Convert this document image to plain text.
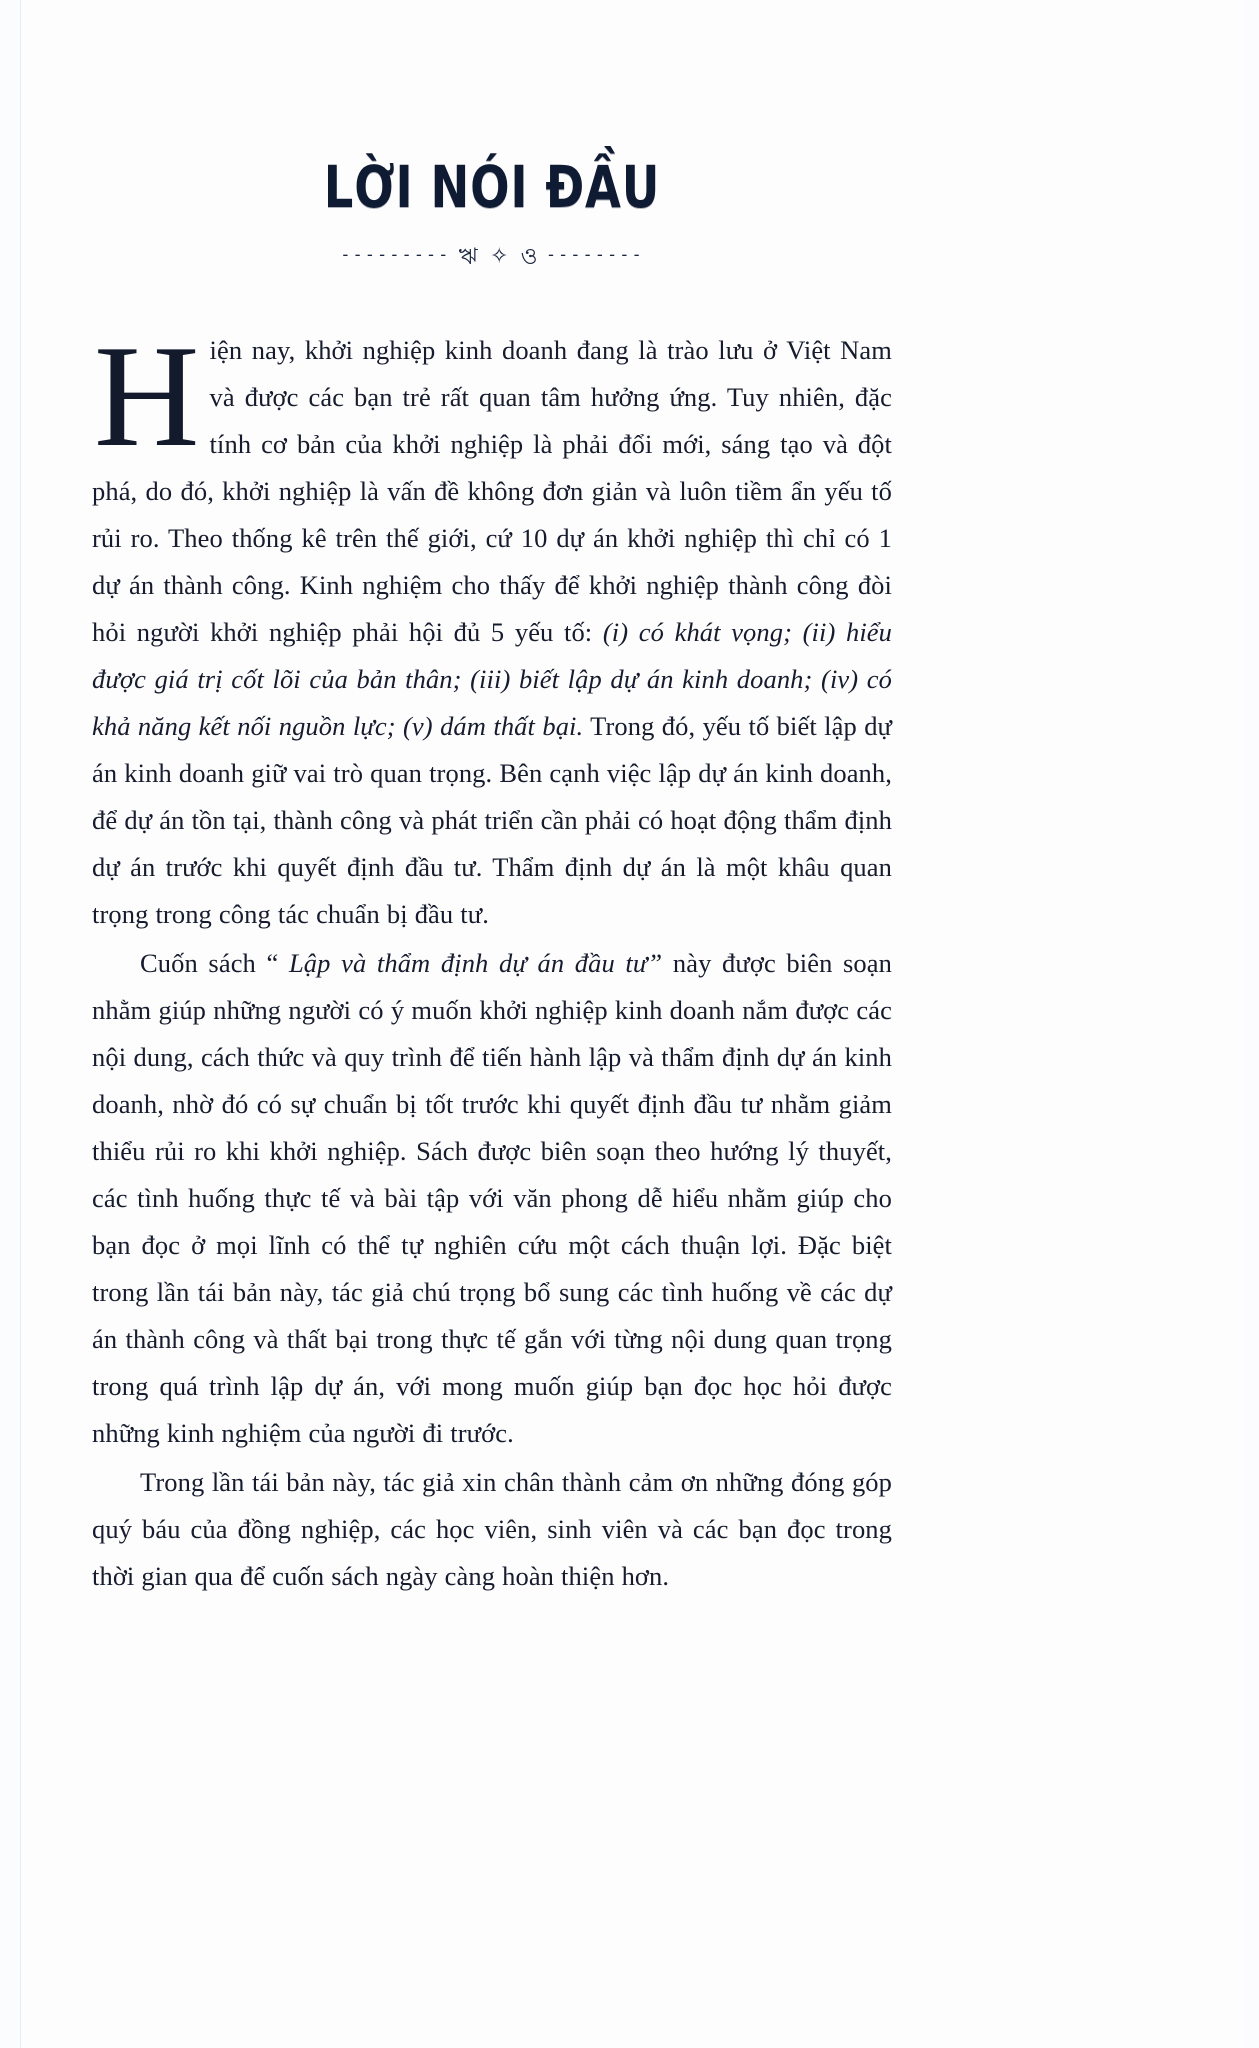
LỜI NÓI ĐẦU
--------- ঋ ✧ ও --------

Hiện nay, khởi nghiệp kinh doanh đang là trào lưu ở Việt Nam và được các bạn trẻ rất quan tâm hưởng ứng. Tuy nhiên, đặc tính cơ bản của khởi nghiệp là phải đổi mới, sáng tạo và đột phá, do đó, khởi nghiệp là vấn đề không đơn giản và luôn tiềm ẩn yếu tố rủi ro. Theo thống kê trên thế giới, cứ 10 dự án khởi nghiệp thì chỉ có 1 dự án thành công. Kinh nghiệm cho thấy để khởi nghiệp thành công đòi hỏi người khởi nghiệp phải hội đủ 5 yếu tố: (i) có khát vọng; (ii) hiểu được giá trị cốt lõi của bản thân; (iii) biết lập dự án kinh doanh; (iv) có khả năng kết nối nguồn lực; (v) dám thất bại. Trong đó, yếu tố biết lập dự án kinh doanh giữ vai trò quan trọng. Bên cạnh việc lập dự án kinh doanh, để dự án tồn tại, thành công và phát triển cần phải có hoạt động thẩm định dự án trước khi quyết định đầu tư. Thẩm định dự án là một khâu quan trọng trong công tác chuẩn bị đầu tư.

Cuốn sách “ Lập và thẩm định dự án đầu tư” này được biên soạn nhằm giúp những người có ý muốn khởi nghiệp kinh doanh nắm được các nội dung, cách thức và quy trình để tiến hành lập và thẩm định dự án kinh doanh, nhờ đó có sự chuẩn bị tốt trước khi quyết định đầu tư nhằm giảm thiểu rủi ro khi khởi nghiệp. Sách được biên soạn theo hướng lý thuyết, các tình huống thực tế và bài tập với văn phong dễ hiểu nhằm giúp cho bạn đọc ở mọi lĩnh có thể tự nghiên cứu một cách thuận lợi. Đặc biệt trong lần tái bản này, tác giả chú trọng bổ sung các tình huống về các dự án thành công và thất bại trong thực tế gắn với từng nội dung quan trọng trong quá trình lập dự án, với mong muốn giúp bạn đọc học hỏi được những kinh nghiệm của người đi trước.

Trong lần tái bản này, tác giả xin chân thành cảm ơn những đóng góp quý báu của đồng nghiệp, các học viên, sinh viên và các bạn đọc trong thời gian qua để cuốn sách ngày càng hoàn thiện hơn.
